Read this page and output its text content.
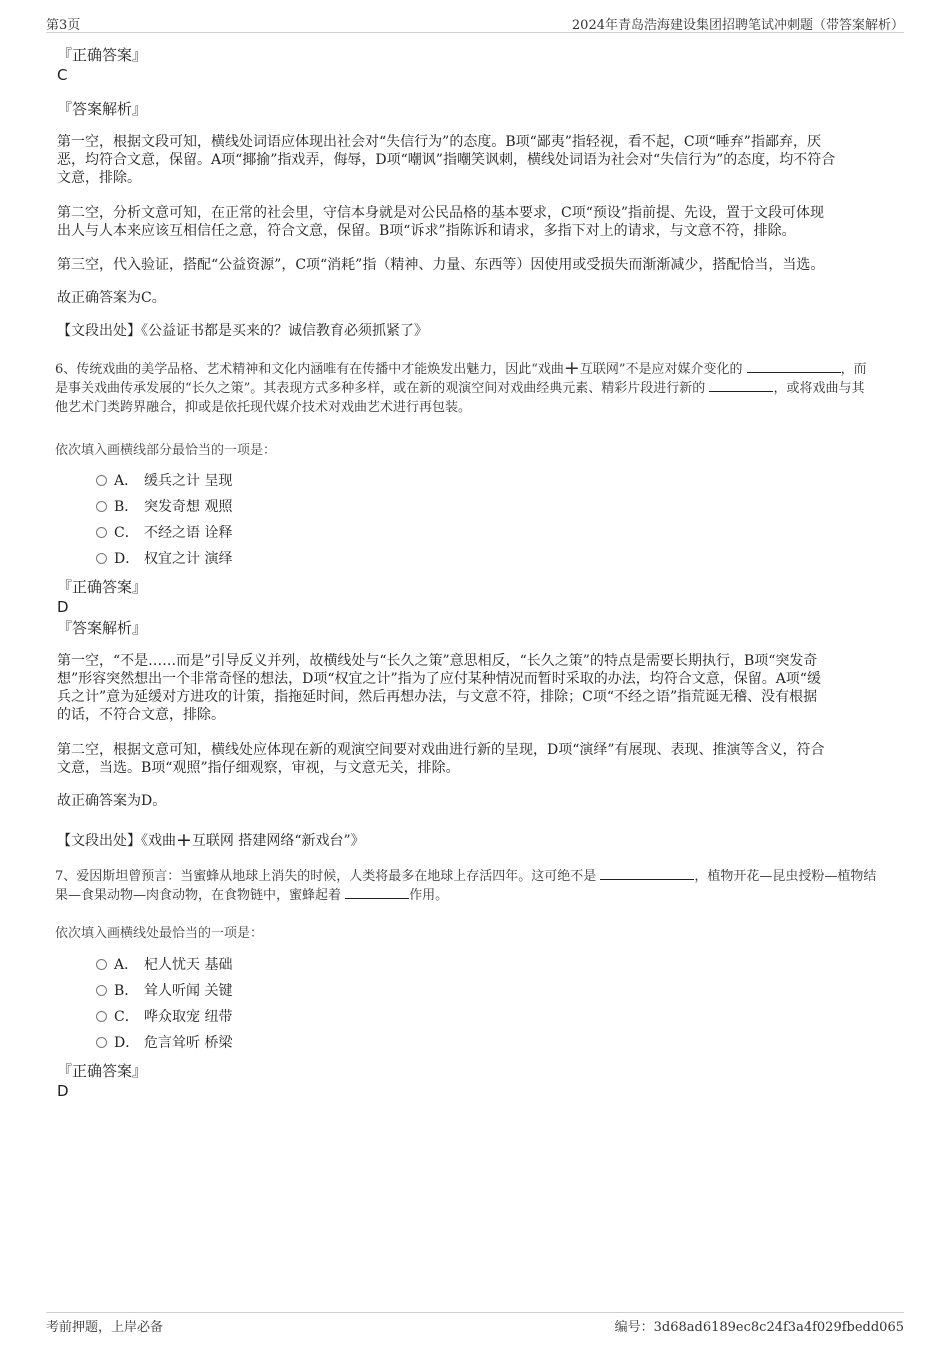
第3页	2024年青岛浩海建设集团招聘笔试冲刺题（带答案解析）
『正确答案』
C
『答案解析』
第一空，根据文段可知，横线处词语应体现出社会对“失信行为”的态度。B项“鄙夷”指轻视，看不起，C项“唾弃”指鄙弃，厌
恶，均符合文意，保留。A项“揶揄”指戏弄，侮辱，D项“嘲讽”指嘲笑讽刺，横线处词语为社会对“失信行为”的态度，均不符合
文意，排除。
第二空，分析文意可知，在正常的社会里，守信本身就是对公民品格的基本要求，C项“预设”指前提、先设，置于文段可体现
出人与人本来应该互相信任之意，符合文意，保留。B项“诉求”指陈诉和请求，多指下对上的请求，与文意不符，排除。
第三空，代入验证，搭配“公益资源”，C项“消耗”指（精神、力量、东西等）因使用或受损失而渐渐减少，搭配恰当，当选。
故正确答案为C。
【文段出处】《公益证书都是买来的？诚信教育必须抓紧了》
6、传统戏曲的美学品格、艺术精神和文化内涵唯有在传播中才能焕发出魅力，因此“戏曲+互联网”不是应对媒介变化的	，而
是事关戏曲传承发展的“长久之策”。其表现方式多种多样，或在新的观演空间对戏曲经典元素、精彩片段进行新的	，或将戏曲与其
他艺术门类跨界融合，抑或是依托现代媒介技术对戏曲艺术进行再包装。
依次填入画横线部分最恰当的一项是：
A． 缓兵之计 呈现
B． 突发奇想 观照
C． 不经之语 诠释
D． 权宜之计 演绎
『正确答案』
D
『答案解析』
第一空，“不是……而是”引导反义并列，故横线处与“长久之策”意思相反，“长久之策”的特点是需要长期执行，B项“突发奇
想”形容突然想出一个非常奇怪的想法，D项“权宜之计”指为了应付某种情况而暂时采取的办法，均符合文意，保留。A项“缓
兵之计”意为延缓对方进攻的计策，指拖延时间，然后再想办法，与文意不符，排除；C项“不经之语”指荒诞无稽、没有根据
的话，不符合文意，排除。
第二空，根据文意可知，横线处应体现在新的观演空间要对戏曲进行新的呈现，D项“演绎”有展现、表现、推演等含义，符合
文意，当选。B项“观照”指仔细观察，审视，与文意无关，排除。
故正确答案为D。
【文段出处】《戏曲+互联网 搭建网络“新戏台”》
7、爱因斯坦曾预言：当蜜蜂从地球上消失的时候，人类将最多在地球上存活四年。这可绝不是	，植物开花—昆虫授粉—植物结
果—食果动物—肉食动物，在食物链中，蜜蜂起着	作用。
依次填入画横线处最恰当的一项是：
A． 杞人忧天 基础
B． 耸人听闻 关键
C． 哗众取宠 纽带
D． 危言耸听 桥梁
『正确答案』
D
考前押题，上岸必备	编号：3d68ad6189ec8c24f3a4f029fbedd065
